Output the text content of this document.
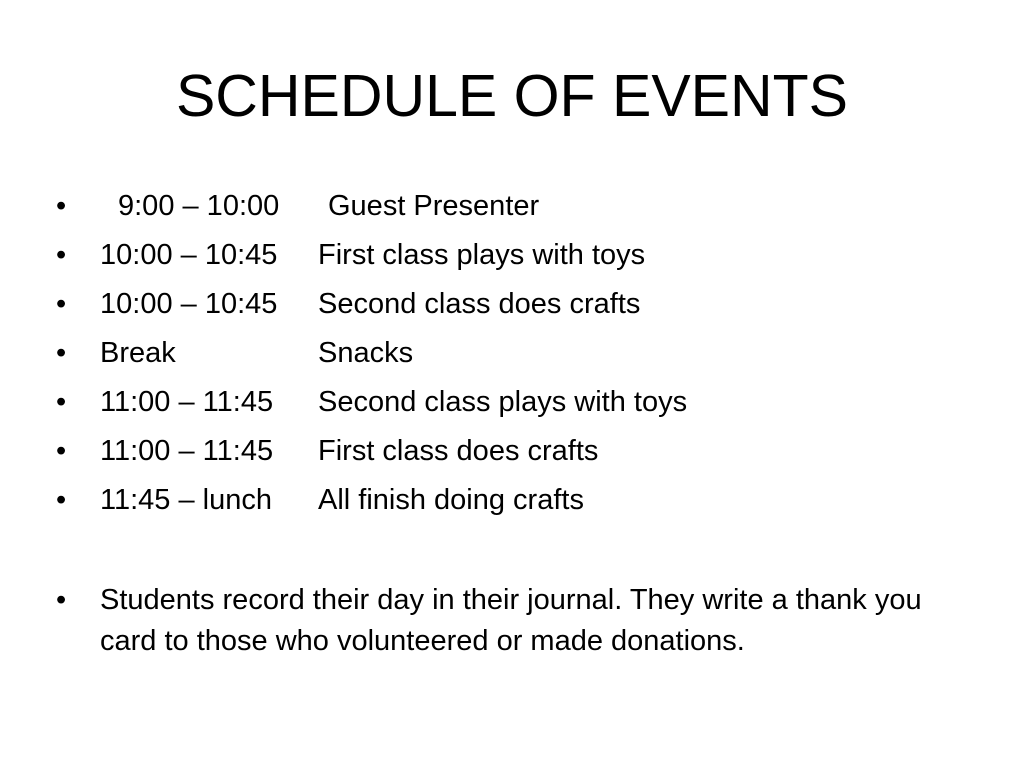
SCHEDULE OF EVENTS
•	9:00 – 10:00 Guest Presenter
•	10:00 – 10:45 First class plays with toys
•	10:00 – 10:45 Second class does crafts
•	Break	Snacks
•	11:00 – 11:45 Second class plays with toys
•	11:00 – 11:45 First class does crafts
•	11:45 – lunch All finish doing crafts
•	Students record their day in their journal. They write a thank you card to those who volunteered or made donations.
